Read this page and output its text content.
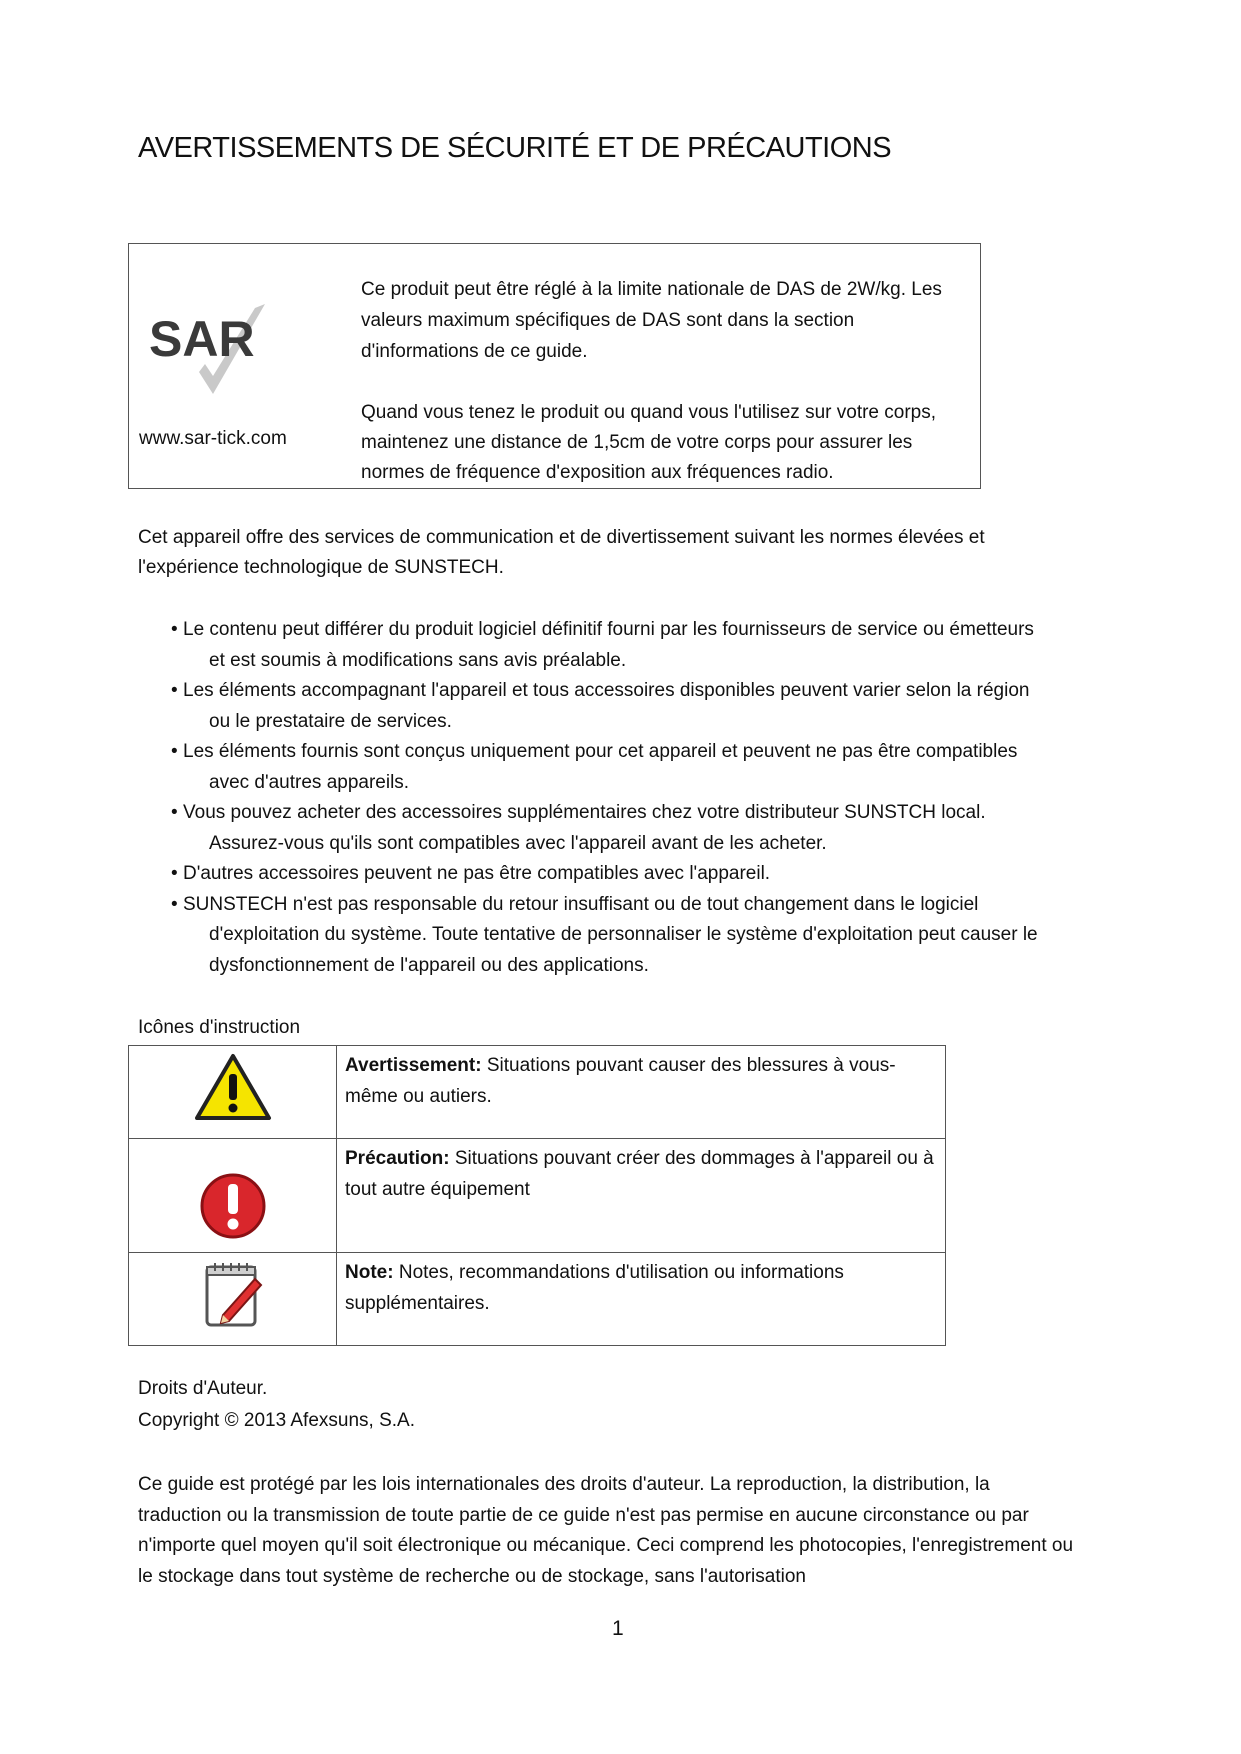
AVERTISSEMENTS DE SÉCURITÉ ET DE PRÉCAUTIONS
SAR
www.sar-tick.com
Ce produit peut être réglé à la limite nationale de DAS de 2W/kg. Les valeurs maximum spécifiques de DAS sont dans la section d'informations de ce guide.
Quand vous tenez le produit ou quand vous l'utilisez sur votre corps, maintenez une distance de 1,5cm de votre corps pour assurer les normes de fréquence d'exposition aux fréquences radio.
Cet appareil offre des services de communication et de divertissement suivant les normes élevées et l'expérience technologique de SUNSTECH.
• Le contenu peut différer du produit logiciel définitif fourni par les fournisseurs de service ou émetteurs et est soumis à modifications sans avis préalable.
• Les éléments accompagnant l'appareil et tous accessoires disponibles peuvent varier selon la région ou le prestataire de services.
• Les éléments fournis sont conçus uniquement pour cet appareil et peuvent ne pas être compatibles avec d'autres appareils.
• Vous pouvez acheter des accessoires supplémentaires chez votre distributeur SUNSTCH local. Assurez-vous qu'ils sont compatibles avec l'appareil avant de les acheter.
• D'autres accessoires peuvent ne pas être compatibles avec l'appareil.
• SUNSTECH n'est pas responsable du retour insuffisant ou de tout changement dans le logiciel d'exploitation du système. Toute tentative de personnaliser le système d'exploitation peut causer le dysfonctionnement de l'appareil ou des applications.
Icônes d'instruction
	Avertissement: Situations pouvant causer des blessures à vous-même ou autiers.
	Précaution: Situations pouvant créer des dommages à l'appareil ou à tout autre équipement
	Note: Notes, recommandations d'utilisation ou informations supplémentaires.
Droits d'Auteur.
Copyright © 2013 Afexsuns, S.A.
Ce guide est protégé par les lois internationales des droits d'auteur. La reproduction, la distribution, la traduction ou la transmission de toute partie de ce guide n'est pas permise en aucune circonstance ou par n'importe quel moyen qu'il soit électronique ou mécanique. Ceci comprend les photocopies, l'enregistrement ou le stockage dans tout système de recherche ou de stockage, sans l'autorisation
1
